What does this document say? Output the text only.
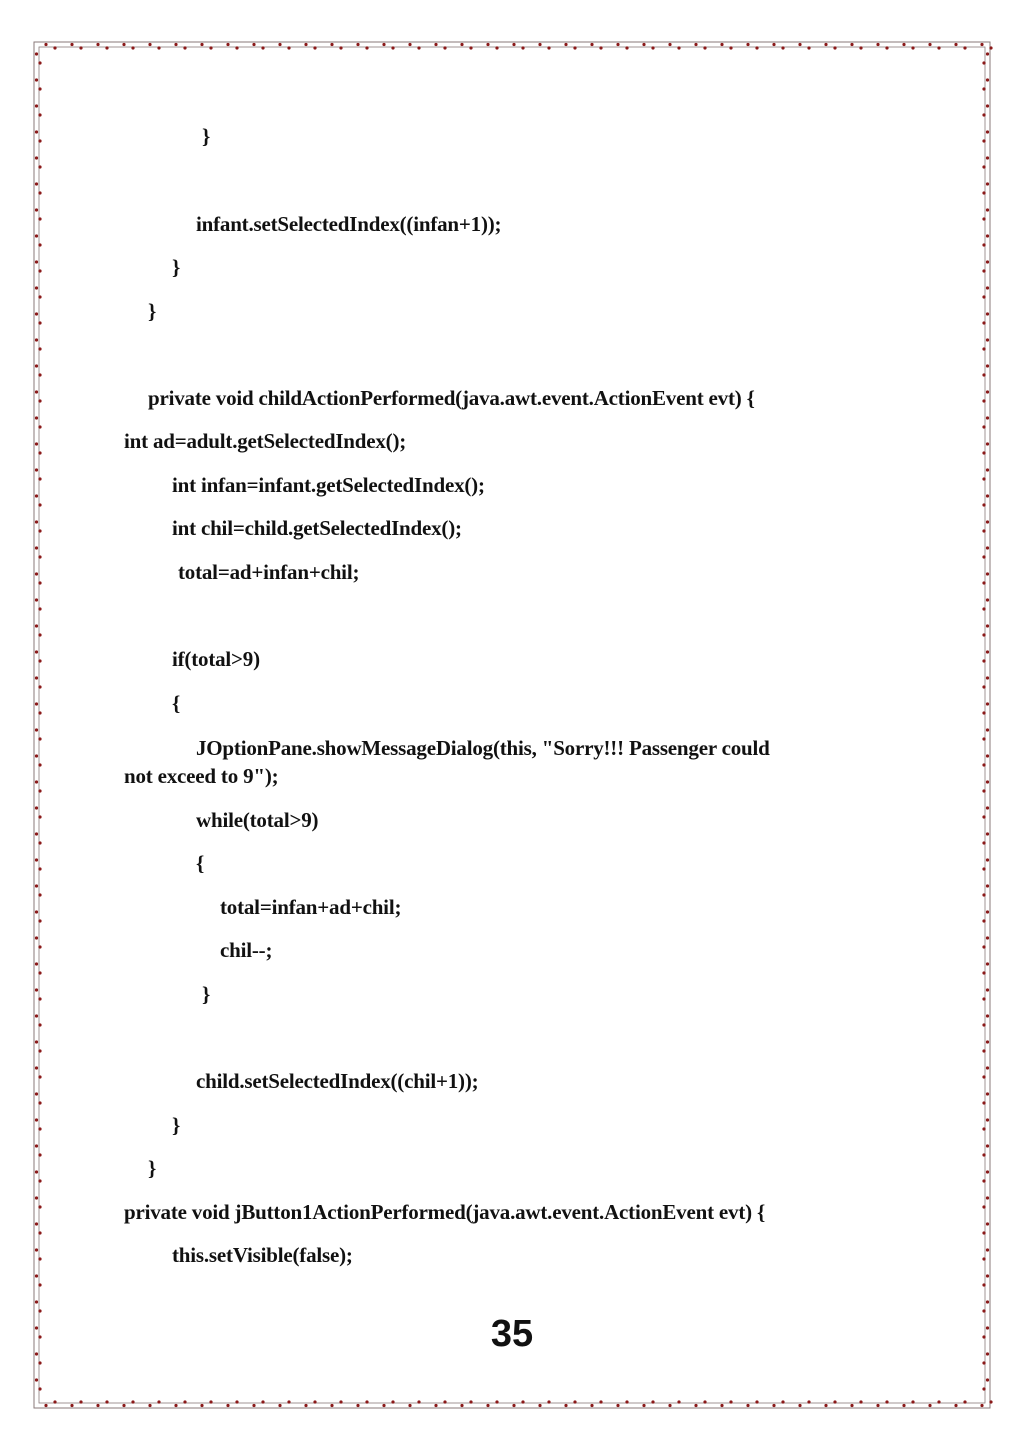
}
infant.setSelectedIndex((infan+1));
}
}
private void childActionPerformed(java.awt.event.ActionEvent evt) {
int ad=adult.getSelectedIndex();
int infan=infant.getSelectedIndex();
int chil=child.getSelectedIndex();
total=ad+infan+chil;
if(total>9)
{
JOptionPane.showMessageDialog(this, "Sorry!!! Passenger could
not exceed to 9");
while(total>9)
{
total=infan+ad+chil;
chil--;
}
child.setSelectedIndex((chil+1));
}
}
private void jButton1ActionPerformed(java.awt.event.ActionEvent evt) {
this.setVisible(false);
35
